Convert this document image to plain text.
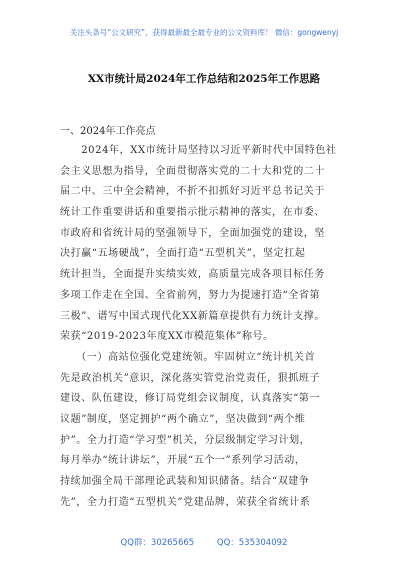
关注头条号“公文研究”，获得最新最全最专业的公文资料库！ 微信：gongwenyj
XX市统计局2024年工作总结和2025年工作思路
一、2024年工作亮点
　　2024年，XX市统计局坚持以习近平新时代中国特色社
会主义思想为指导，全面贯彻落实党的二十大和党的二十
届二中、三中全会精神，不折不扣抓好习近平总书记关于
统计工作重要讲话和重要指示批示精神的落实，在市委、
市政府和省统计局的坚强领导下，全面加强党的建设，坚
决打赢“五场硬战”，全面打造“五型机关”，坚定扛起
统计担当，全面提升实绩实效，高质量完成各项目标任务
多项工作走在全国、全省前列，努力为提速打造“全省第
三极”、谱写中国式现代化XX新篇章提供有力统计支撑。
荣获“2019-2023年度XX市模范集体”称号。
　　（一）高站位强化党建统领。牢固树立“统计机关首
先是政治机关”意识，深化落实管党治党责任，狠抓班子
建设、队伍建设，修订局党组会议制度，认真落实“第一
议题”制度，坚定拥护“两个确立”，坚决做到“两个维
护”。全力打造“学习型”机关，分层级制定学习计划，
每月举办“统计讲坛”，开展“五个一”系列学习活动，
持续加强全局干部理论武装和知识储备。结合“双建争
先”，全力打造“五型机关”党建品牌，荣获全省统计系
QQ群：30265665	QQ：535304092
